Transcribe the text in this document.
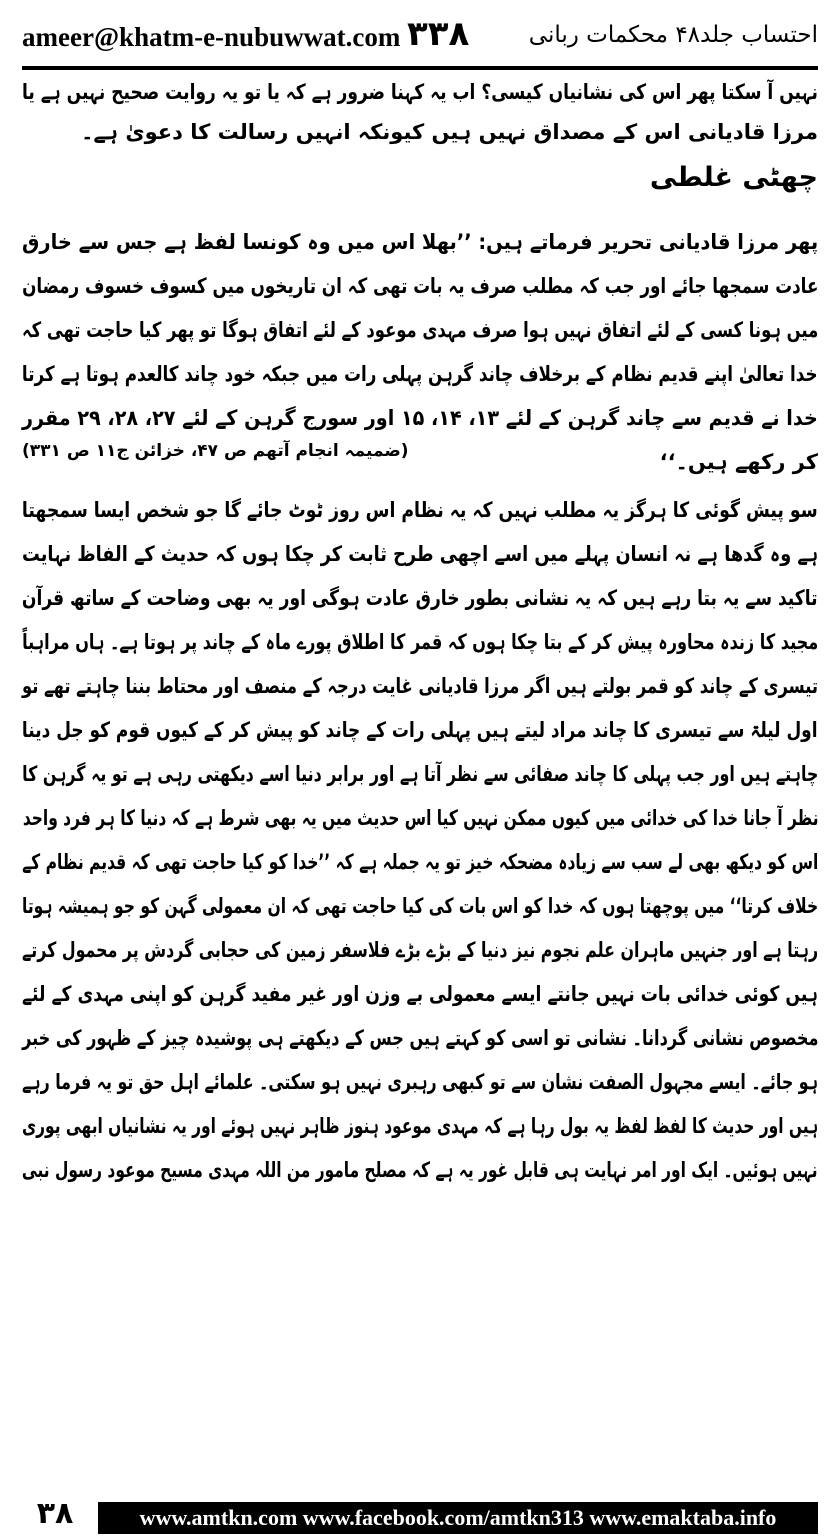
ameer@khatm-e-nubuwwat.com ۳۳۸	احتساب جلد۴۸ محکمات ربانی
نہیں آ سکتا پھر اس کی نشانیاں کیسی؟ اب یہ کہنا ضرور ہے کہ یا تو یہ روایت صحیح نہیں ہے یا
مرزا قادیانی اس کے مصداق نہیں ہیں کیونکہ انہیں رسالت کا دعویٰ ہے۔
چھٹی غلطی
پھر مرزا قادیانی تحریر فرماتے ہیں: ’’بھلا اس میں وہ کونسا لفظ ہے جس سے خارق
عادت سمجھا جائے اور جب کہ مطلب صرف یہ بات تھی کہ ان تاریخوں میں کسوف خسوف رمضان
میں ہونا کسی کے لئے اتفاق نہیں ہوا صرف مہدی موعود کے لئے اتفاق ہوگا تو پھر کیا حاجت تھی کہ
خدا تعالیٰ اپنے قدیم نظام کے برخلاف چاند گرہن پہلی رات میں جبکہ خود چاند کالعدم ہوتا ہے کرتا
خدا نے قدیم سے چاند گرہن کے لئے ۱۳، ۱۴، ۱۵ اور سورج گرہن کے لئے ۲۷، ۲۸، ۲۹ مقرر
کر رکھے ہیں۔‘‘
(ضمیمہ انجام آتھم ص ۴۷، خزائن ج۱۱ ص ۳۳۱)
سو پیش گوئی کا ہرگز یہ مطلب نہیں کہ یہ نظام اس روز ٹوٹ جائے گا جو شخص ایسا سمجھتا
ہے وہ گدھا ہے نہ انسان پہلے میں اسے اچھی طرح ثابت کر چکا ہوں کہ حدیث کے الفاظ نہایت
تاکید سے یہ بتا رہے ہیں کہ یہ نشانی بطور خارق عادت ہوگی اور یہ بھی وضاحت کے ساتھ قرآن
مجید کا زندہ محاورہ پیش کر کے بتا چکا ہوں کہ قمر کا اطلاق پورے ماہ کے چاند پر ہوتا ہے۔ ہاں مراہباً
تیسری کے چاند کو قمر بولتے ہیں اگر مرزا قادیانی غایت درجہ کے منصف اور محتاط بننا چاہتے تھے تو
اول لیلۃ سے تیسری کا چاند مراد لیتے ہیں پہلی رات کے چاند کو پیش کر کے کیوں قوم کو جل دینا
چاہتے ہیں اور جب پہلی کا چاند صفائی سے نظر آتا ہے اور برابر دنیا اسے دیکھتی رہی ہے تو یہ گرہن کا
نظر آ جانا خدا کی خدائی میں کیوں ممکن نہیں کیا اس حدیث میں یہ بھی شرط ہے کہ دنیا کا ہر فرد واحد
اس کو دیکھ بھی لے سب سے زیادہ مضحکہ خیز تو یہ جملہ ہے کہ ’’خدا کو کیا حاجت تھی کہ قدیم نظام کے
خلاف کرتا‘‘ میں پوچھتا ہوں کہ خدا کو اس بات کی کیا حاجت تھی کہ ان معمولی گہن کو جو ہمیشہ ہوتا
رہتا ہے اور جنہیں ماہران علم نجوم نیز دنیا کے بڑے بڑے فلاسفر زمین کی حجابی گردش پر محمول کرتے
ہیں کوئی خدائی بات نہیں جانتے ایسے معمولی بے وزن اور غیر مفید گرہن کو اپنی مہدی کے لئے
مخصوص نشانی گردانا۔ نشانی تو اسی کو کہتے ہیں جس کے دیکھتے ہی پوشیدہ چیز کے ظہور کی خبر
ہو جائے۔ ایسے مجہول الصفت نشان سے تو کبھی رہبری نہیں ہو سکتی۔ علمائے اہل حق تو یہ فرما رہے
ہیں اور حدیث کا لفظ لفظ یہ بول رہا ہے کہ مہدی موعود ہنوز ظاہر نہیں ہوئے اور یہ نشانیاں ابھی پوری
نہیں ہوئیں۔ ایک اور امر نہایت ہی قابل غور یہ ہے کہ مصلح مامور من اللہ مہدی مسیح موعود رسول نبی
۳۸	www.amtkn.com www.facebook.com/amtkn313 www.emaktaba.info
